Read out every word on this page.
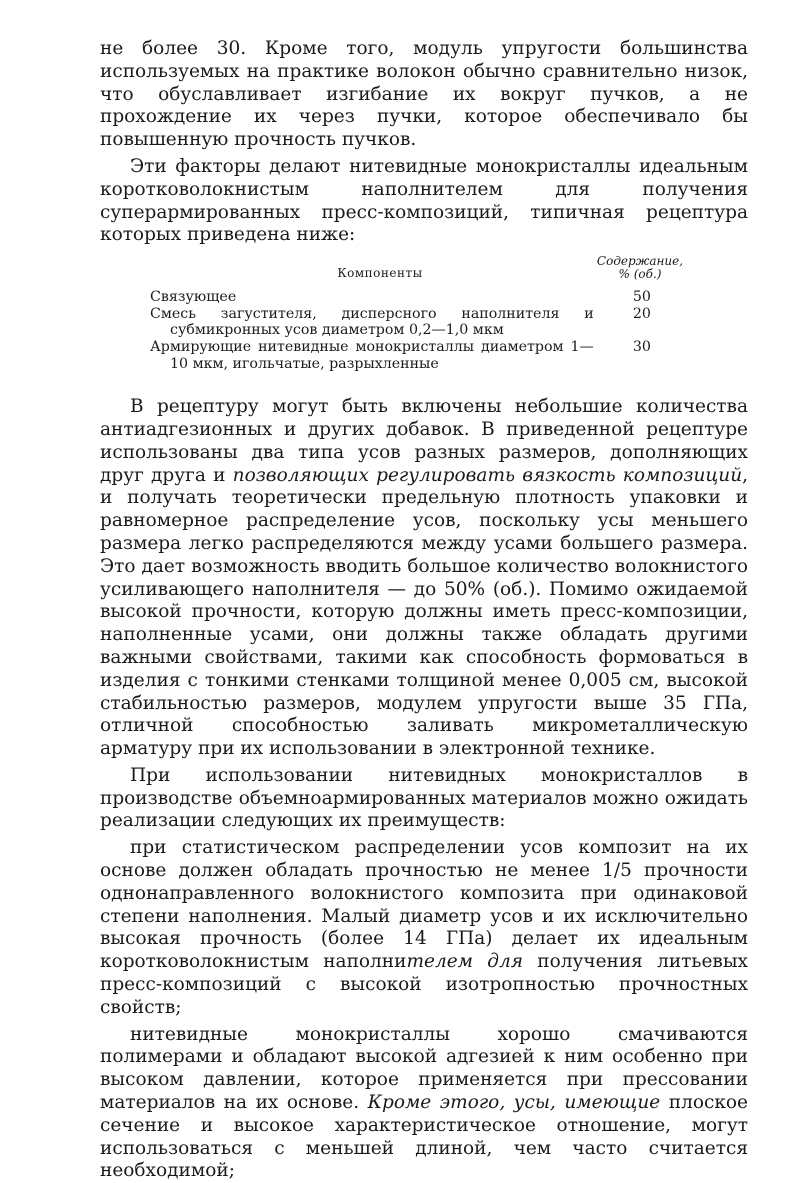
не более 30. Кроме того, модуль упругости большинства используемых на практике волокон обычно сравнительно низок, что обуславливает изгибание их вокруг пучков, а не прохождение их через пучки, которое обеспечивало бы повышенную прочность пучков.

Эти факторы делают нитевидные монокристаллы идеальным коротковолокнистым наполнителем для получения суперармированных пресс-композиций, типичная рецептура которых приведена ниже:

Компоненты
Содержание,
% (об.)
Связующее	50
Смесь загустителя, дисперсного наполнителя и субмикронных усов диаметром 0,2—1,0 мкм
20
Армирующие нитевидные монокристаллы диаметром 1—10 мкм, игольчатые, разрыхленные
30

В рецептуру могут быть включены небольшие количества антиадгезионных и других добавок. В приведенной рецептуре использованы два типа усов разных размеров, дополняющих друг друга и позволяющих регулировать вязкость композиций, и получать теоретически предельную плотность упаковки и равномерное распределение усов, поскольку усы меньшего размера легко распределяются между усами большего размера. Это дает возможность вводить большое количество волокнистого усиливающего наполнителя — до 50% (об.). Помимо ожидаемой высокой прочности, которую должны иметь пресс-композиции, наполненные усами, они должны также обладать другими важными свойствами, такими как способность формоваться в изделия с тонкими стенками толщиной менее 0,005 см, высокой стабильностью размеров, модулем упругости выше 35 ГПа, отличной способностью заливать микрометаллическую арматуру при их использовании в электронной технике.

При использовании нитевидных монокристаллов в производстве объемноармированных материалов можно ожидать реализации следующих их преимуществ:

при статистическом распределении усов композит на их основе должен обладать прочностью не менее 1/5 прочности однонаправленного волокнистого композита при одинаковой степени наполнения. Малый диаметр усов и их исключительно высокая прочность (более 14 ГПа) делает их идеальным коротковолокнистым наполнителем для получения литьевых пресс-композиций с высокой изотропностью прочностных свойств;

нитевидные монокристаллы хорошо смачиваются полимерами и обладают высокой адгезией к ним особенно при высоком давлении, которое применяется при прессовании материалов на их основе. Кроме этого, усы, имеющие плоское сечение и высокое характеристическое отношение, могут использоваться с меньшей длиной, чем часто считается необходимой;
